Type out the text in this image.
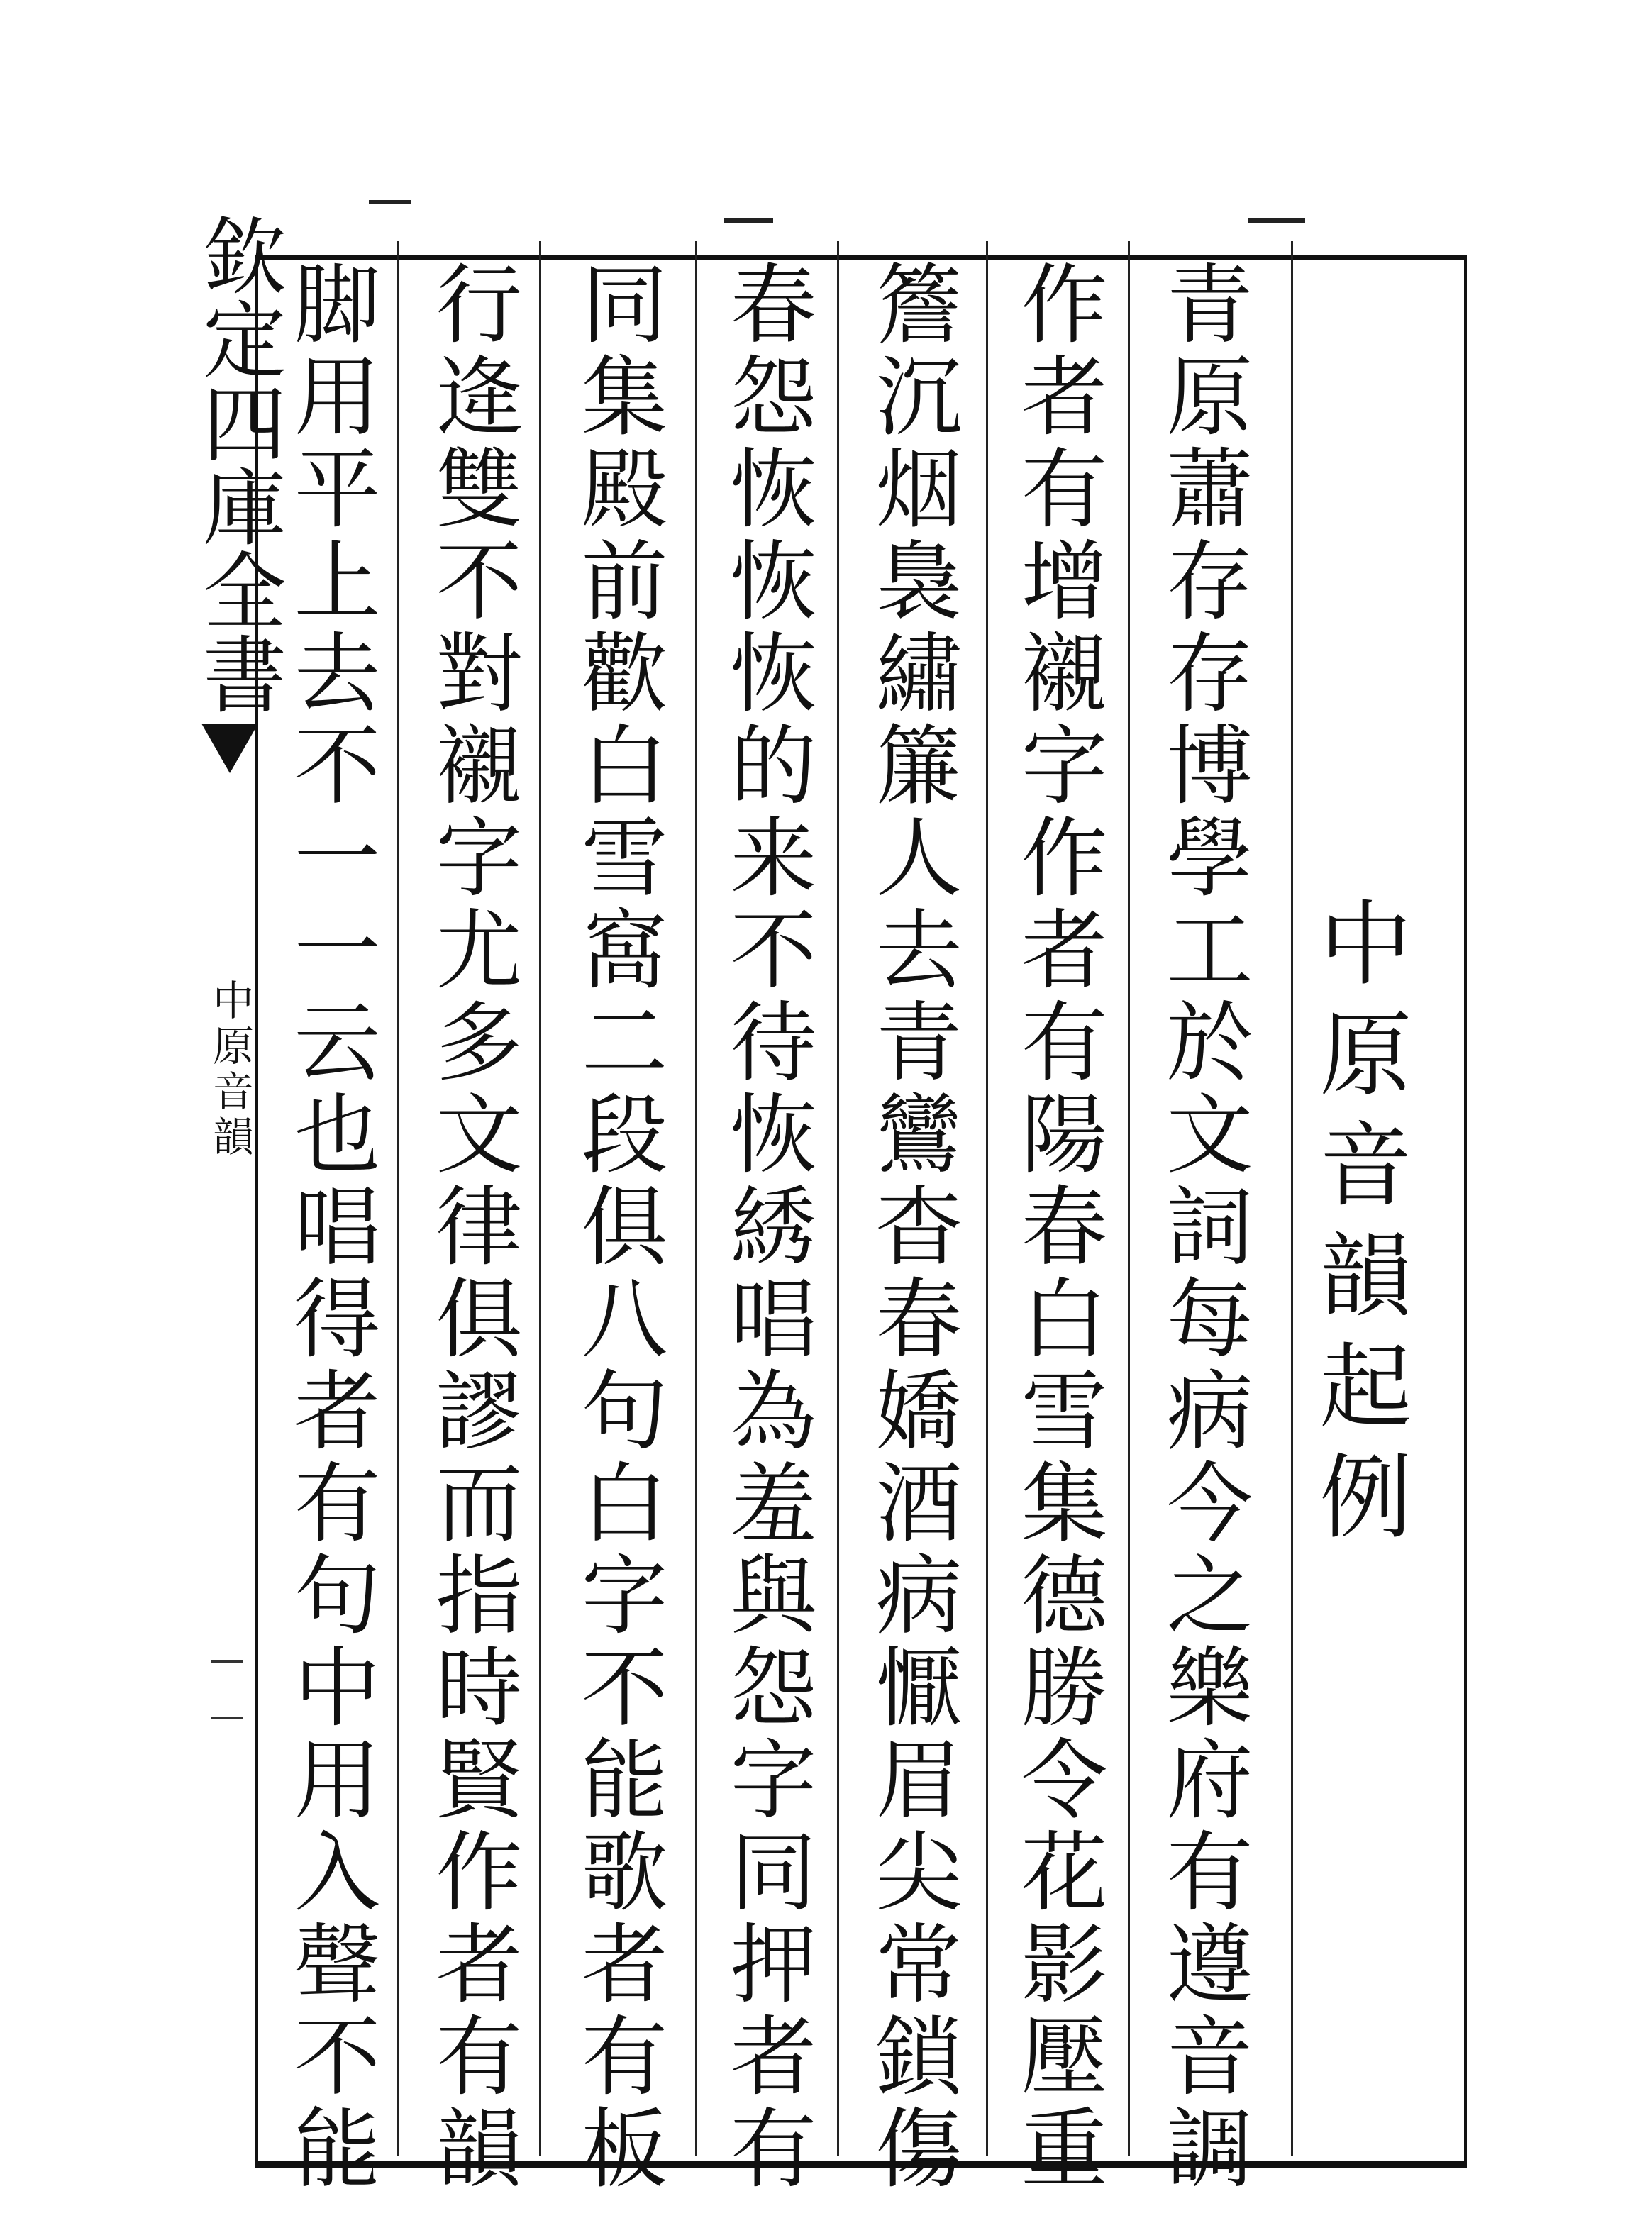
欽定四庫全書
中原音韻	中原音韻起例
青原蕭存存博學工於文詞每病今之樂府有遵音調
作者有增襯字作者有陽春白雪集德勝令花影壓重
簷沉烟裊繡簾人去青鸞杳春嬌酒病懨眉尖常鎖傷
春怨恢恢恢的来不待恢綉唱為羞與怨字同押者有
同集殿前歡白雪窩二段俱八句白字不能歌者有板
行逄雙不對襯字尤多文律俱謬而指時賢作者有韻
脚用平上去不一一云也唱得者有句中用入聲不能
